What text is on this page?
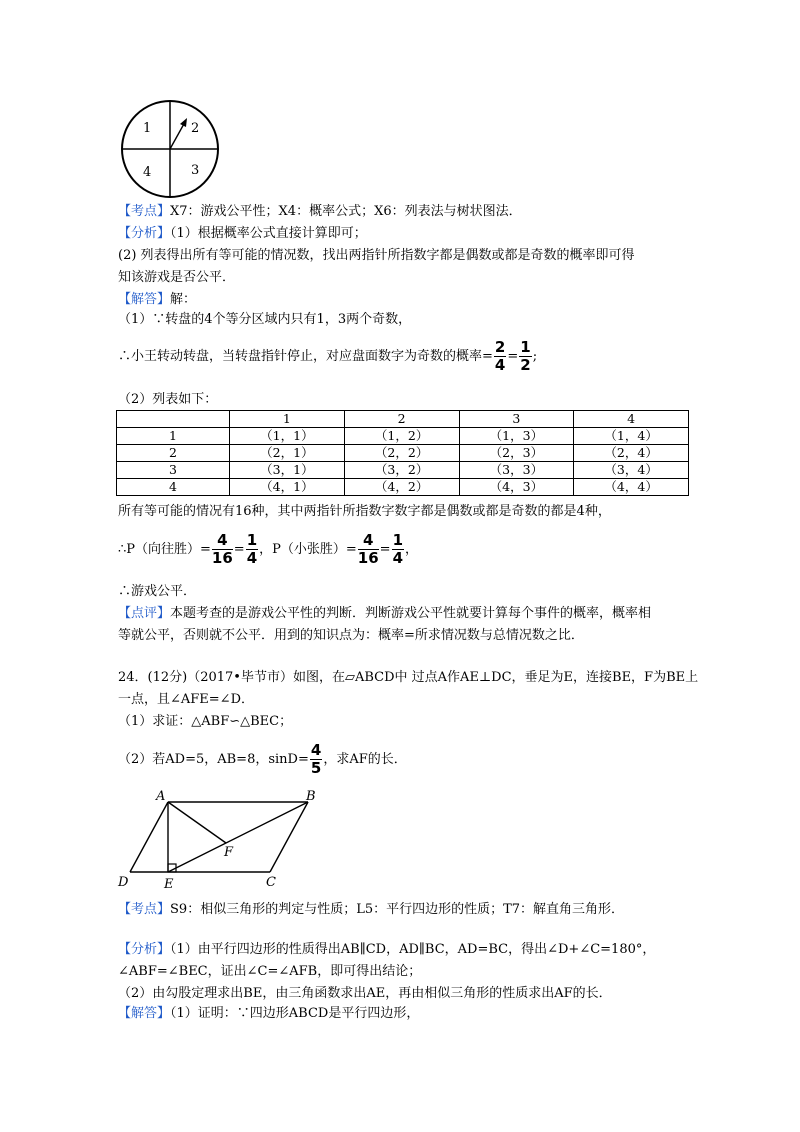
1	2
4	3
【考点】X7：游戏公平性；X4：概率公式；X6：列表法与树状图法．
【分析】（1）根据概率公式直接计算即可；
(2) 列表得出所有等可能的情况数，找出两指针所指数字都是偶数或都是奇数的概率即可得
知该游戏是否公平．
【解答】解：
（1）∵转盘的4个等分区域内只有1，3两个奇数，
∴小王转动转盘，当转盘指针停止，对应盘面数字为奇数的概率= $\frac{2}{4} = \frac{1}{2}$ ;
（2）列表如下：
	1	2	3	4
1	（1，1）	（1，2）	（1，3）	（1，4）
2	（2，1）	（2，2）	（2，3）	（2，4）
3	（3，1）	（3，2）	（3，3）	（3，4）
4	（4，1）	（4，2）	（4，3）	（4，4）
所有等可能的情况有16种，其中两指针所指数字数字都是偶数或都是奇数的都是4种，
∴P（向往胜）= $\frac{4}{16} = \frac{1}{4}$ ，P（小张胜）= $\frac{4}{16} = \frac{1}{4}$ ，
∴游戏公平．
【点评】本题考查的是游戏公平性的判断．判断游戏公平性就要计算每个事件的概率，概率相
等就公平，否则就不公平．用到的知识点为：概率=所求情况数与总情况数之比．
24．(12分)（2017•毕节市）如图，在▱ABCD中 过点A作AE⊥DC，垂足为E，连接BE，F为BE上
一点，且∠AFE=∠D．
（1）求证：△ABF∽△BEC；
（2）若AD=5，AB=8，$\sin D= \frac{4}{5}$ ，求AF的长．
A	B
C
D	E
F
【考点】S9：相似三角形的判定与性质；L5：平行四边形的性质；T7：解直角三角形．
【分析】（1）由平行四边形的性质得出AB∥CD，AD∥BC，AD=BC，得出∠D+∠C=180°，
∠ABF=∠BEC，证出∠C=∠AFB，即可得出结论；
（2）由勾股定理求出BE，由三角函数求出AE，再由相似三角形的性质求出AF的长．
【解答】（1）证明：∵四边形ABCD是平行四边形，
